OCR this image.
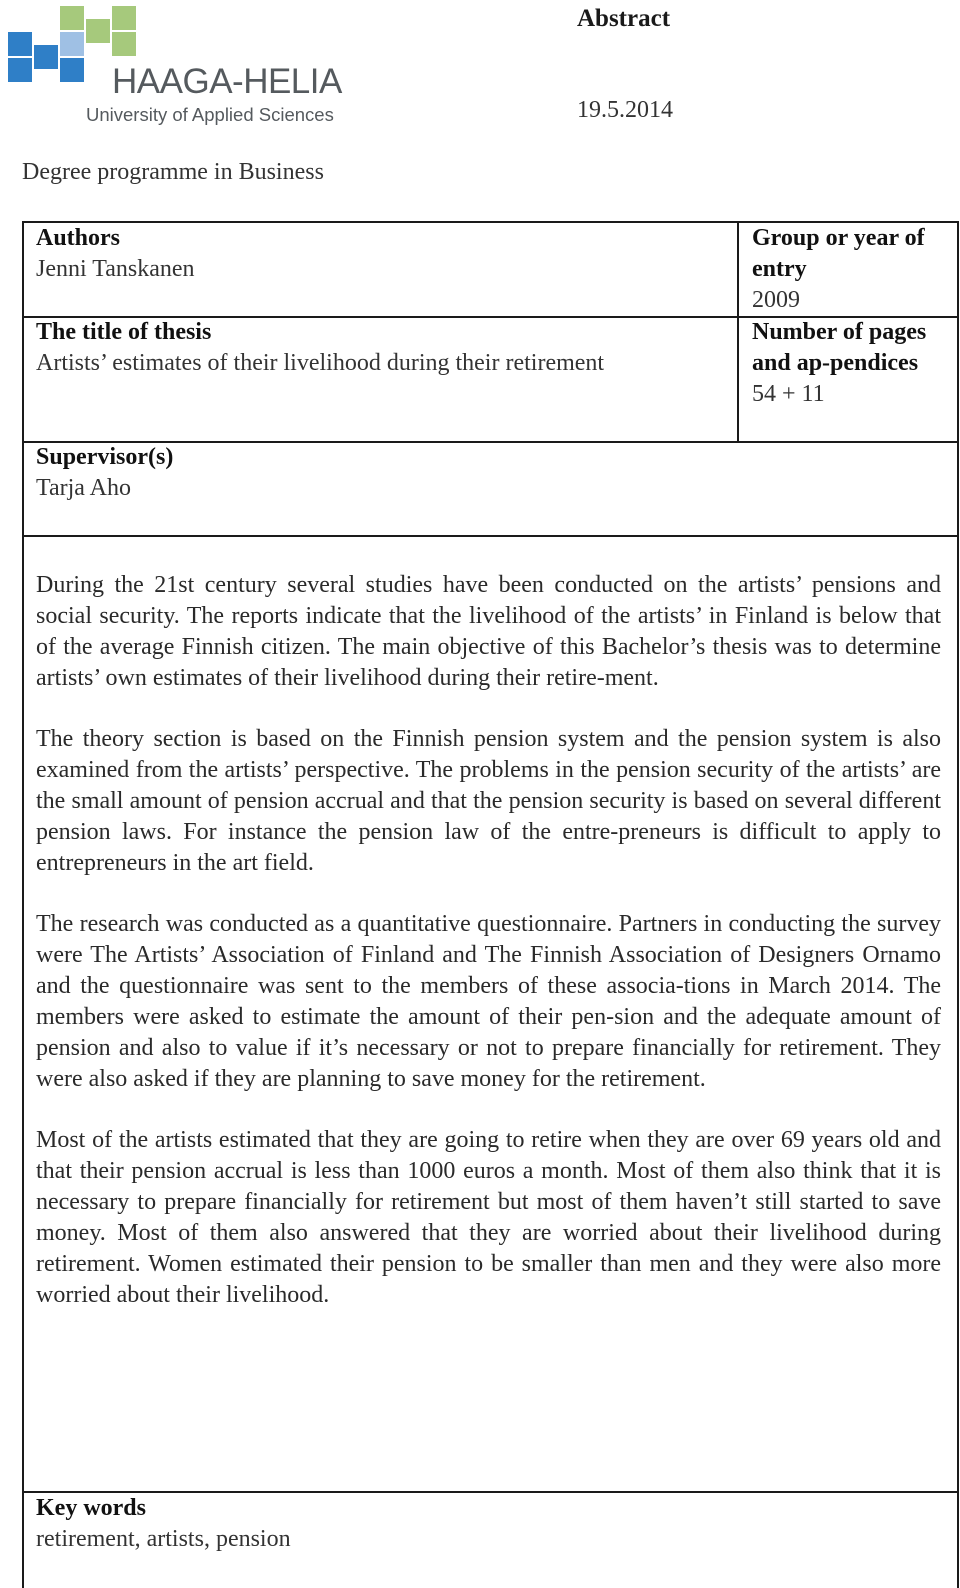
HAAGA-HELIA
University of Applied Sciences
Abstract
19.5.2014
Degree programme in Business
Authors
Jenni Tanskanen
Group or year of entry
2009
The title of thesis
Artists’ estimates of their livelihood during their retirement
Number of pages and ap-pendices
54 + 11
Supervisor(s)
Tarja Aho

During the 21st century several studies have been conducted on the artists’ pensions and social security. The reports indicate that the livelihood of the artists’ in Finland is below that of the average Finnish citizen. The main objective of this Bachelor’s thesis was to determine artists’ own estimates of their livelihood during their retire-ment.

The theory section is based on the Finnish pension system and the pension system is also examined from the artists’ perspective. The problems in the pension security of the artists’ are the small amount of pension accrual and that the pension security is based on several different pension laws. For instance the pension law of the entre-preneurs is difficult to apply to entrepreneurs in the art field.

The research was conducted as a quantitative questionnaire. Partners in conducting the survey were The Artists’ Association of Finland and The Finnish Association of Designers Ornamo and the questionnaire was sent to the members of these associa-tions in March 2014. The members were asked to estimate the amount of their pen-sion and the adequate amount of pension and also to value if it’s necessary or not to prepare financially for retirement. They were also asked if they are planning to save money for the retirement.

Most of the artists estimated that they are going to retire when they are over 69 years old and that their pension accrual is less than 1000 euros a month. Most of them also think that it is necessary to prepare financially for retirement but most of them haven’t still started to save money. Most of them also answered that they are worried about their livelihood during retirement. Women estimated their pension to be smaller than men and they were also more worried about their livelihood.

Key words
retirement, artists, pension
